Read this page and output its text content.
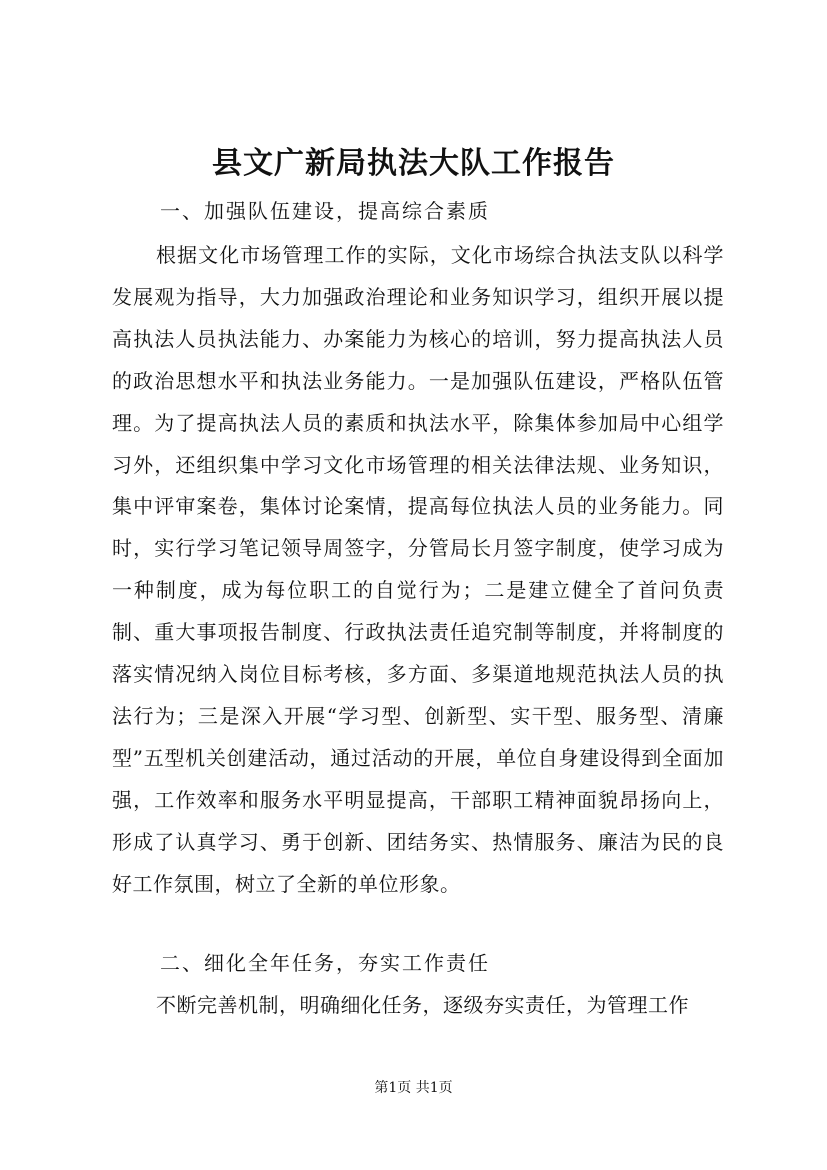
县文广新局执法大队工作报告

一、加强队伍建设，提高综合素质

根据文化市场管理工作的实际，文化市场综合执法支队以科学发展观为指导，大力加强政治理论和业务知识学习，组织开展以提高执法人员执法能力、办案能力为核心的培训，努力提高执法人员的政治思想水平和执法业务能力。一是加强队伍建设，严格队伍管理。为了提高执法人员的素质和执法水平，除集体参加局中心组学习外，还组织集中学习文化市场管理的相关法律法规、业务知识，集中评审案卷，集体讨论案情，提高每位执法人员的业务能力。同时，实行学习笔记领导周签字，分管局长月签字制度，使学习成为一种制度，成为每位职工的自觉行为；二是建立健全了首问负责制、重大事项报告制度、行政执法责任追究制等制度，并将制度的落实情况纳入岗位目标考核，多方面、多渠道地规范执法人员的执法行为；三是深入开展“学习型、创新型、实干型、服务型、清廉型”五型机关创建活动，通过活动的开展，单位自身建设得到全面加强，工作效率和服务水平明显提高，干部职工精神面貌昂扬向上，形成了认真学习、勇于创新、团结务实、热情服务、廉洁为民的良好工作氛围，树立了全新的单位形象。

二、细化全年任务，夯实工作责任

不断完善机制，明确细化任务，逐级夯实责任，为管理工作

第1页 共1页
